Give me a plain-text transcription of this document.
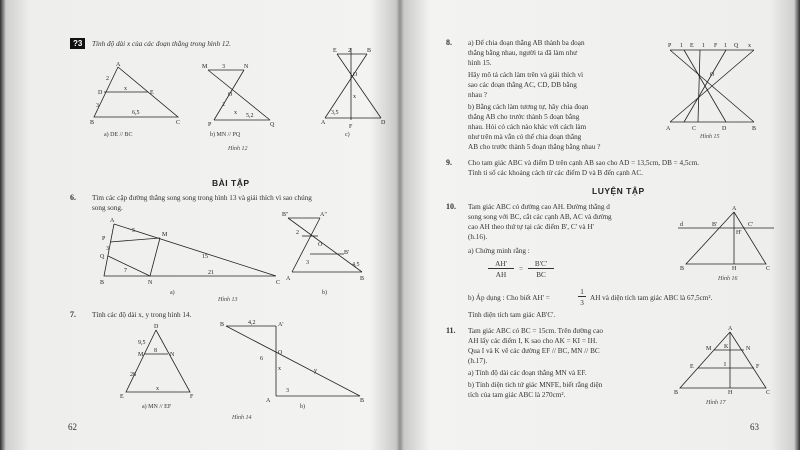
?3	Tính độ dài x của các đoạn thẳng trong hình 12.
A
D	E
B	C
2
3
x
6,5
a) DE // BC
M	N
3
O
P	Q
2
5,2
x
b) MN // PQ
E 2	B
O
x
A	D
3,5
F
c)
Hình 12
BÀI TẬP
6. Tìm các cặp đường thẳng song song trong hình 13 và giải thích vì sao chúng
song song.
A
P
Q
M
B	N	C
5
3
7
15
21
a)
B"	A"
O
A	B
B'
2
3	4,5
b)
Hình 13
7. Tính các độ dài x, y trong hình 14.
D
M	N
E	F
9,5
28
8
x
a) MN // EF
B	A'
4,2
O
x	y
A	B
3
6
b)
Hình 14
62
8. a) Để chia đoạn thẳng AB thành ba đoạn
thẳng bằng nhau, người ta đã làm như
hình 15.
Hãy mô tả cách làm trên và giải thích vì
sao các đoạn thẳng AC, CD, DB bằng
nhau ?
b) Bằng cách làm tương tự, hãy chia đoạn
thẳng AB cho trước thành 5 đoạn bằng
nhau. Hỏi có cách nào khác với cách làm
như trên mà vẫn có thể chia đoạn thẳng
AB cho trước thành 5 đoạn thẳng bằng nhau ?
P 1 E 1 F 1 Q x
O
A	C	D	B
Hình 15
9. Cho tam giác ABC và điểm D trên cạnh AB sao cho AD = 13,5cm, DB = 4,5cm.
Tính tỉ số các khoảng cách từ các điểm D và B đến cạnh AC.
LUYỆN TẬP
10. Tam giác ABC có đường cao AH. Đường thẳng d
song song với BC, cắt các cạnh AB, AC và đường
cao AH theo thứ tự tại các điểm B', C' và H'
(h.16).
a) Chứng minh rằng :
AH'
AH
=
B'C'
BC
b) Áp dụng : Cho biết AH' =
1
3
AH và diện tích tam giác ABC là 67,5cm².
Tính diện tích tam giác AB'C'.
A
d	B'
H'
C'
B	H	C
Hình 16
11. Tam giác ABC có BC = 15cm. Trên đường cao
AH lấy các điểm I, K sao cho AK = KI = IH.
Qua I và K vẽ các đường EF // BC, MN // BC
(h.17).
a) Tính độ dài các đoạn thẳng MN và EF.
b) Tính diện tích tứ giác MNFE, biết rằng diện
tích của tam giác ABC là 270cm².
A
M K	N
E	I	F
B	H	C
Hình 17
63
